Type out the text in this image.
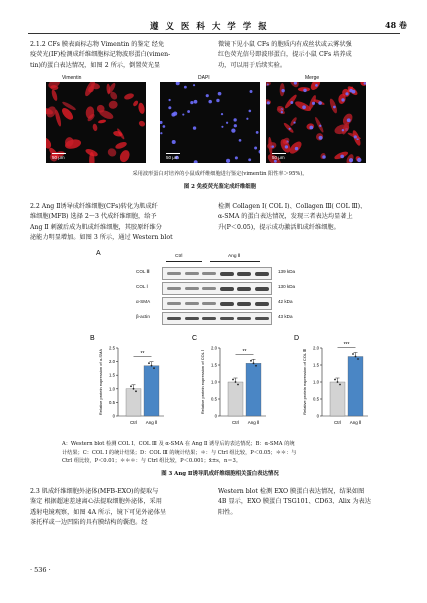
遵 义 医 科 大 学 学 报	48 卷
2.1.2 CFs 膜表面标志物 Vimentin 的鉴定 经免
疫荧光(IF)检测成纤维细胞标记物波形蛋白(vimen-
tin)的蛋白表达情况，如图 2 所示，倒置荧光显
微镜下见小鼠 CFs 的胞质内有成丝状或云雾状强
红色荧光信号即波形蛋白，提示小鼠 CFs 培养成
功，可以用于后续实验。
Vimentin	DAPI	Merge
50 μm	50 μm	50 μm
采用波形蛋白对培养的小鼠成纤维细胞进行鉴定(vimentin 阳性率＞95%)。
图 2 免疫荧光鉴定成纤维细胞
2.2 Ang Ⅱ诱导成纤维细胞(CFs)转化为肌成纤
维细胞(MFB) 选择 2～3 代成纤维细胞，给予
Ang Ⅱ 刺激后成为肌成纤维细胞，其胶原纤维分
泌能力明显增加。如图 3 所示，通过 Western blot
检测 Collagen Ⅰ( COL Ⅰ)、Collagen Ⅲ( COL Ⅲ)、
α-SMA 的蛋白表达情况，发现三者表达均显著上
升(P＜0.05)，提示成功激活肌成纤维细胞。
A	Ctrl	Ang Ⅱ
COL Ⅲ	139 kDa
COL Ⅰ	130 kDa
α-SMA	42 kDa
β-actin	43 kDa
B
0
0.5
1.0
1.5
2.0
2.5
Relative protein expression of α-SMA
Ctrl Ang Ⅱ
**
C
0
0.5
1.0
1.5
2.0
Relative protein expression of COL Ⅰ
Ctrl Ang Ⅱ
**
D
0
0.5
1.0
1.5
2.0
Relative protein expression of COL Ⅲ
Ctrl Ang Ⅱ
***
A：Western blot 检测 COL Ⅰ、COL Ⅲ 及 α-SMA 在 Ang Ⅱ 诱导后的表达情况；B：α-SMA 的统
计结果；C：COL Ⅰ 的统计结果；D：COL Ⅲ 的统计结果；＊：与 Ctrl 组比较，P＜0.05；＊＊：与
Ctrl 组比较，P＜0.01；＊＊＊：与 Ctrl 组比较，P＜0.001；x̄±s，n＝3。
图 3 Ang Ⅱ诱导肌成纤维细胞相关蛋白表达情况
2.3 肌成纤维细胞外泌体(MFB-EXO)的提取与
鉴定 根据超速差速离心法提取细胞外泌体，采用
透射电镜观察，如图 4A 所示，镜下可见外泌体呈
茶托样或一边凹陷的具有膜结构的囊泡。经
Western blot 检测 EXO 膜蛋白表达情况，结果如图
4B 显示，EXO 膜蛋白 TSG101、CD63、Alix 为表达
阳性。
· 536 ·
